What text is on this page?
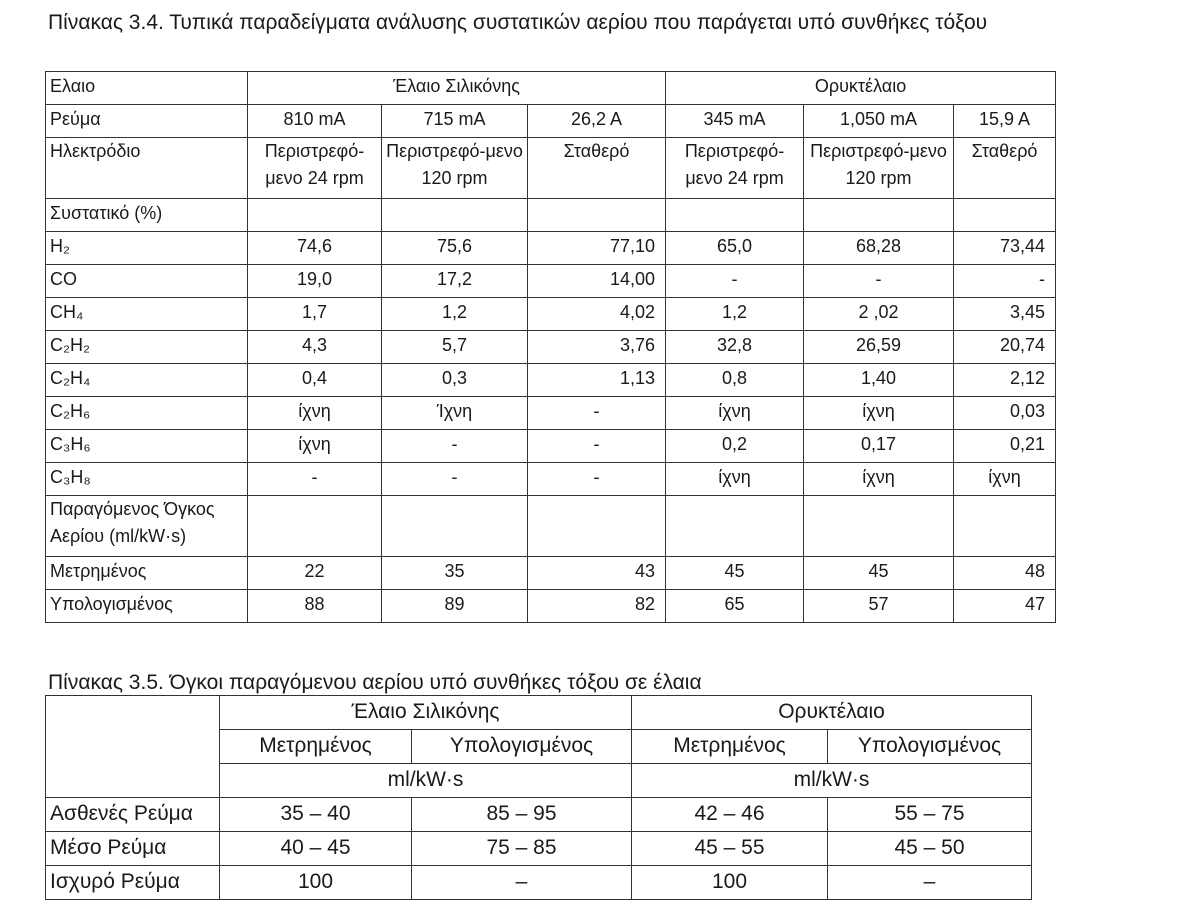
Πίνακας 3.4. Τυπικά παραδείγματα ανάλυσης συστατικών αερίου που παράγεται υπό συνθήκες τόξου

Ελαιο	Έλαιο Σιλικόνης			Ορυκτέλαιο		
Ρεύμα	810 mA	715 mA	26,2 A	345 mA	1,050 mA	15,9 A
Ηλεκτρόδιο	Περιστρεφό-μενο 24 rpm	Περιστρεφό-μενο 120 rpm	Σταθερό	Περιστρεφό-μενο 24 rpm	Περιστρεφό-μενο 120 rpm	Σταθερό
Συστατικό (%)						
H₂	74,6	75,6	77,10	65,0	68,28	73,44
CO	19,0	17,2	14,00	-	-	-
CH₄	1,7	1,2	4,02	1,2	2 ,02	3,45
C₂H₂	4,3	5,7	3,76	32,8	26,59	20,74
C₂H₄	0,4	0,3	1,13	0,8	1,40	2,12
C₂H₆	ίχνη	Ίχνη	-	ίχνη	ίχνη	0,03
C₃H₆	ίχνη	-	-	0,2	0,17	0,21
C₃H₈	-	-	-	ίχνη	ίχνη	ίχνη
Παραγόμενος Όγκος Αερίου (ml/kW·s)						
Μετρημένος	22	35	43	45	45	48
Υπολογισμένος	88	89	82	65	57	47

Πίνακας 3.5. Όγκοι παραγόμενου αερίου υπό συνθήκες τόξου σε έλαια

	Έλαιο Σιλικόνης		Ορυκτέλαιο	
	Μετρημένος	Υπολογισμένος	Μετρημένος	Υπολογισμένος
	ml/kW·s		ml/kW·s	
Ασθενές Ρεύμα	35 – 40	85 – 95	42 – 46	55 – 75
Μέσο Ρεύμα	40 – 45	75 – 85	45 – 55	45 – 50
Ισχυρό Ρεύμα	100	–	100	–
